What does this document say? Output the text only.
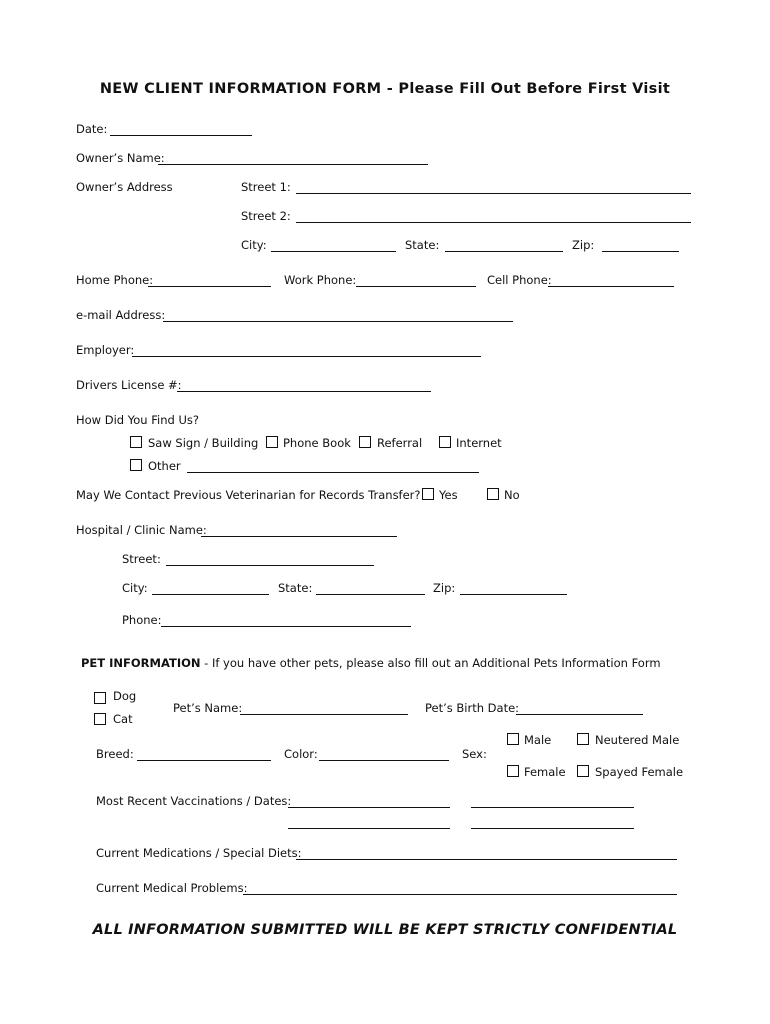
NEW CLIENT INFORMATION FORM - Please Fill Out Before First Visit
Date:
Owner’s Name:
Owner’s Address	Street 1:
Street 2:
City:	State:	Zip:
Home Phone:	Work Phone:	Cell Phone:
e-mail Address:
Employer:
Drivers License #:
How Did You Find Us?
Saw Sign / Building Phone Book Referral	Internet
Other
May We Contact Previous Veterinarian for Records Transfer? Yes	No
Hospital / Clinic Name:
Street:
City:	State:	Zip:
Phone:
PET INFORMATION - If you have other pets, please also fill out an Additional Pets Information Form
Dog
Cat
Pet’s Name:	Pet’s Birth Date:
Breed:	Color:	Sex:
Male	Neutered Male
Female	Spayed Female
Most Recent Vaccinations / Dates:
Current Medications / Special Diets:
Current Medical Problems:
ALL INFORMATION SUBMITTED WILL BE KEPT STRICTLY CONFIDENTIAL
